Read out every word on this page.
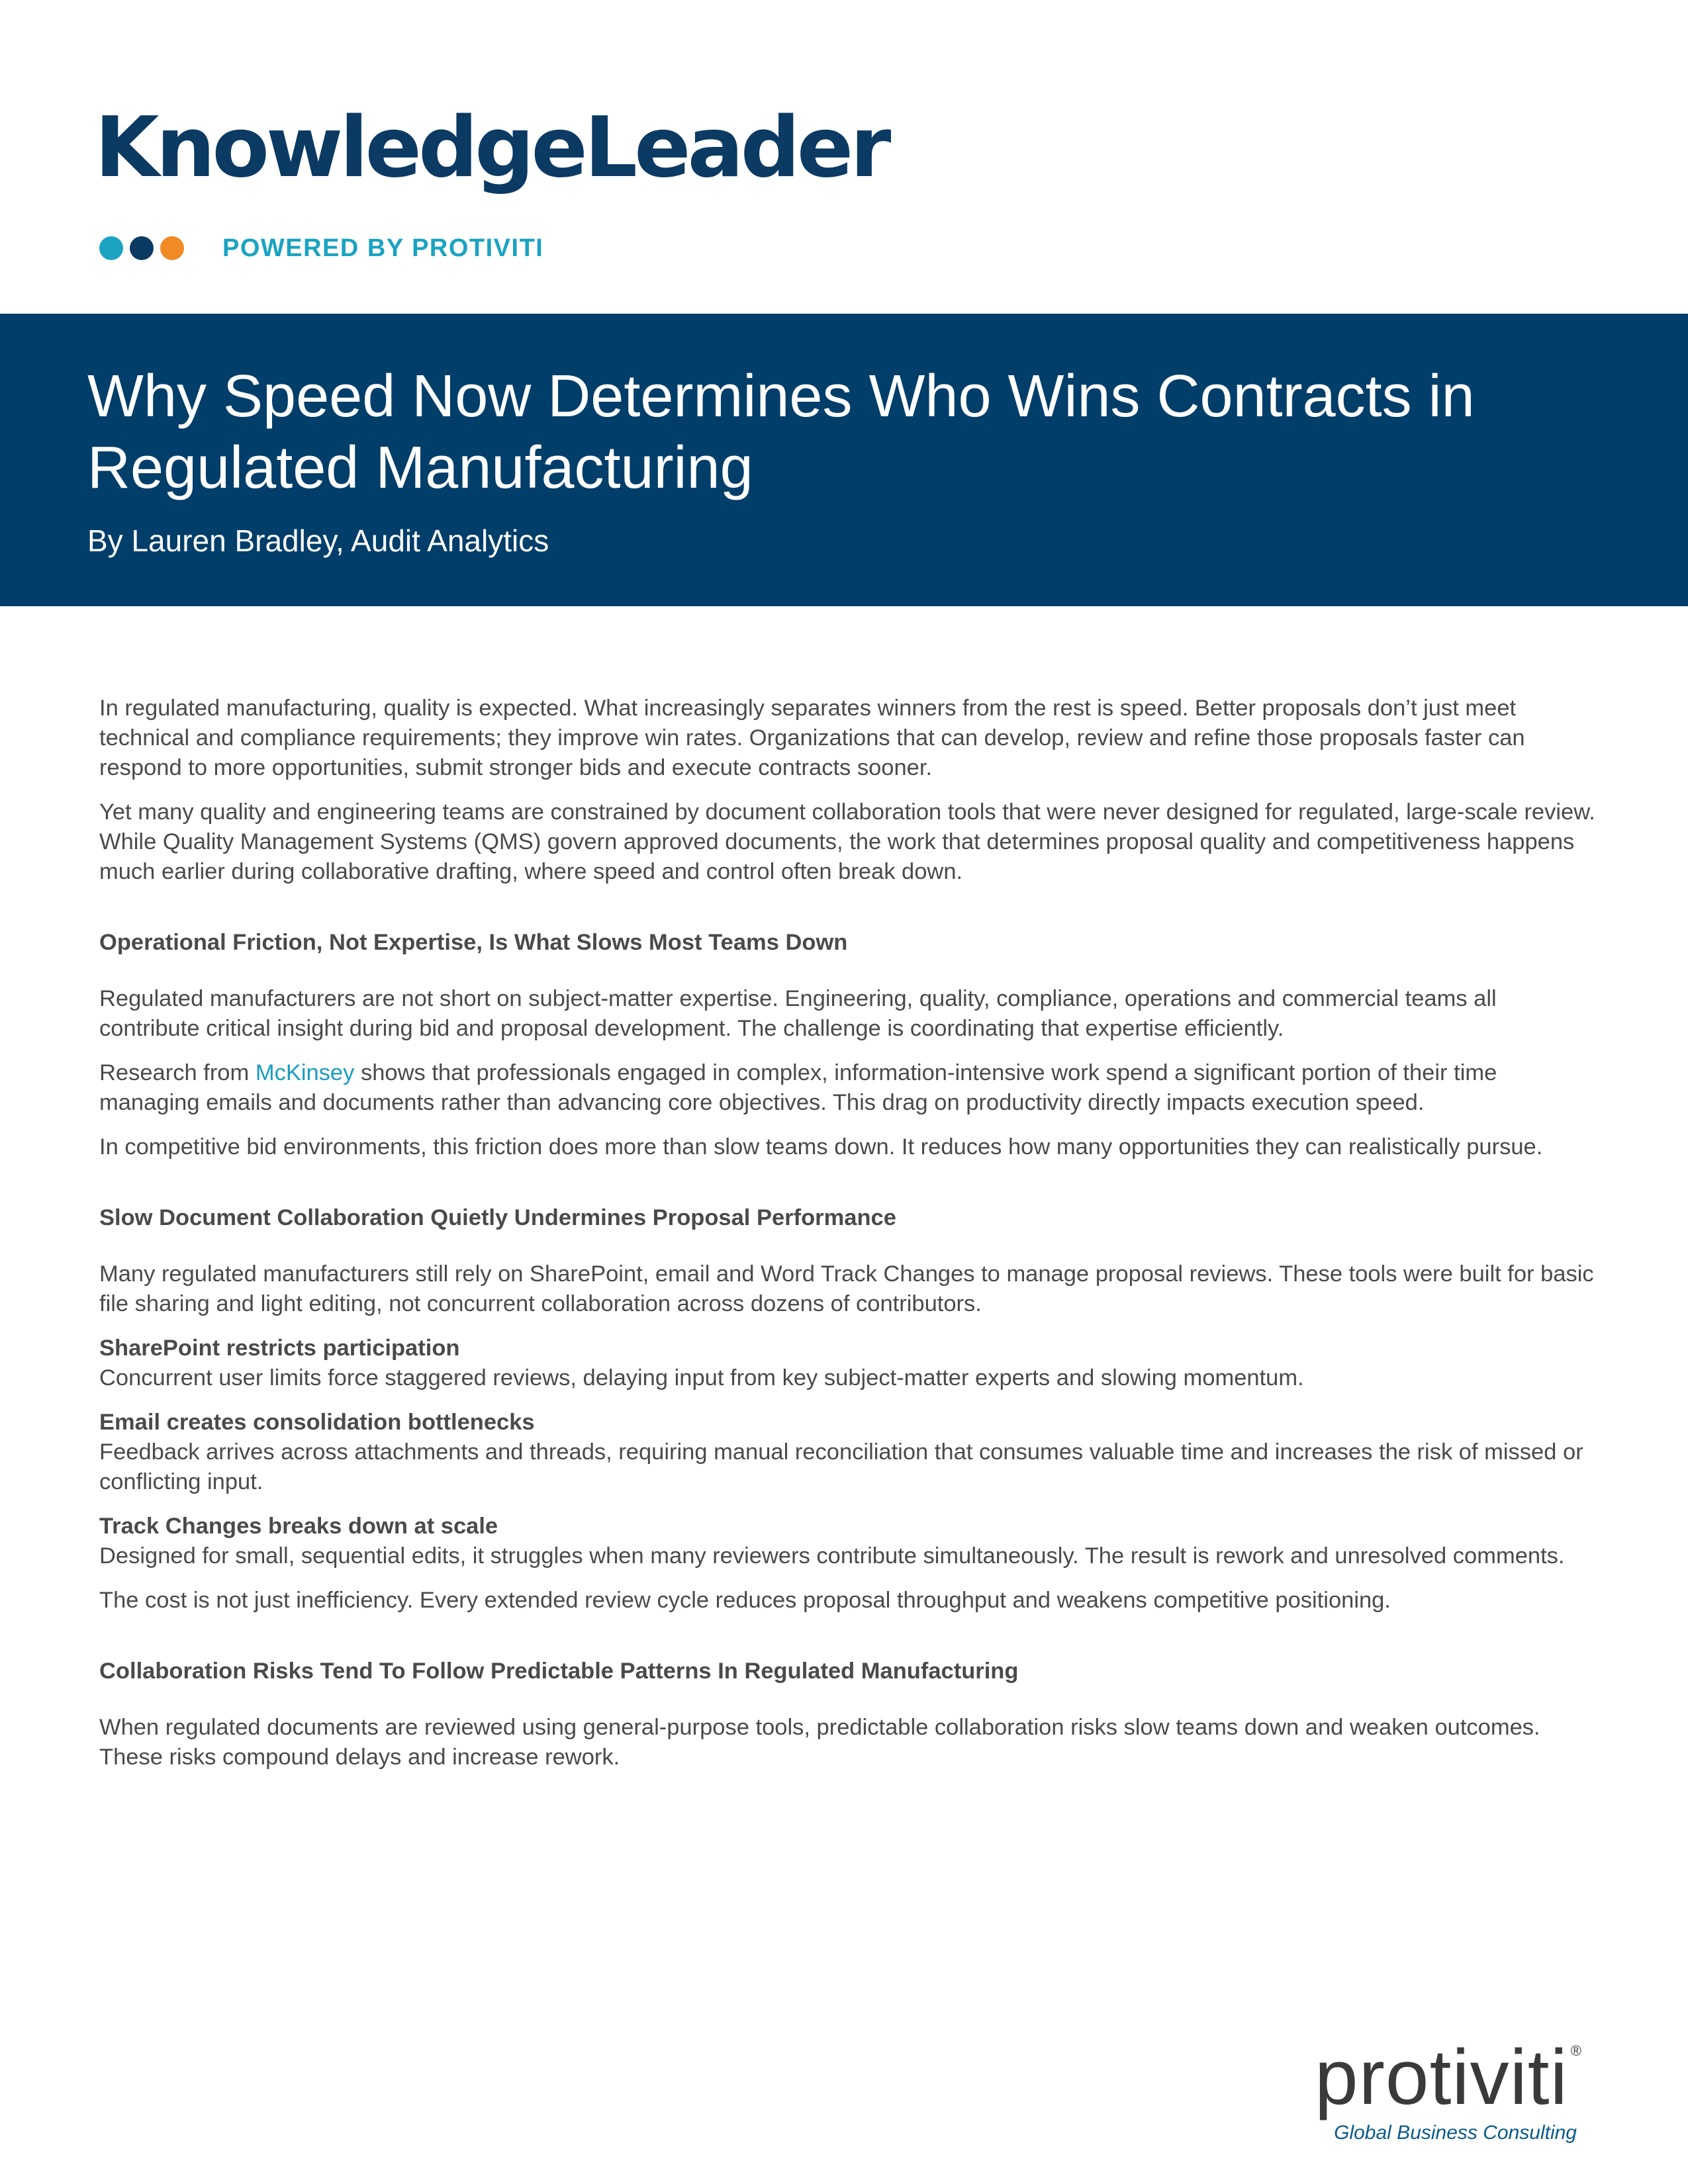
KnowledgeLeader
POWERED BY PROTIVITI
Why Speed Now Determines Who Wins Contracts in Regulated Manufacturing
By Lauren Bradley, Audit Analytics

In regulated manufacturing, quality is expected. What increasingly separates winners from the rest is speed. Better proposals don’t just meet technical and compliance requirements; they improve win rates. Organizations that can develop, review and refine those proposals faster can respond to more opportunities, submit stronger bids and execute contracts sooner.

Yet many quality and engineering teams are constrained by document collaboration tools that were never designed for regulated, large-scale review. While Quality Management Systems (QMS) govern approved documents, the work that determines proposal quality and competitiveness happens much earlier during collaborative drafting, where speed and control often break down.

Operational Friction, Not Expertise, Is What Slows Most Teams Down

Regulated manufacturers are not short on subject-matter expertise. Engineering, quality, compliance, operations and commercial teams all contribute critical insight during bid and proposal development. The challenge is coordinating that expertise efficiently.

Research from McKinsey shows that professionals engaged in complex, information-intensive work spend a significant portion of their time managing emails and documents rather than advancing core objectives. This drag on productivity directly impacts execution speed.

In competitive bid environments, this friction does more than slow teams down. It reduces how many opportunities they can realistically pursue.

Slow Document Collaboration Quietly Undermines Proposal Performance

Many regulated manufacturers still rely on SharePoint, email and Word Track Changes to manage proposal reviews. These tools were built for basic file sharing and light editing, not concurrent collaboration across dozens of contributors.

SharePoint restricts participation
Concurrent user limits force staggered reviews, delaying input from key subject-matter experts and slowing momentum.
Email creates consolidation bottlenecks
Feedback arrives across attachments and threads, requiring manual reconciliation that consumes valuable time and increases the risk of missed or conflicting input.
Track Changes breaks down at scale
Designed for small, sequential edits, it struggles when many reviewers contribute simultaneously. The result is rework and unresolved comments.

The cost is not just inefficiency. Every extended review cycle reduces proposal throughput and weakens competitive positioning.

Collaboration Risks Tend To Follow Predictable Patterns In Regulated Manufacturing

When regulated documents are reviewed using general-purpose tools, predictable collaboration risks slow teams down and weaken outcomes. These risks compound delays and increase rework.

protiviti ®
Global Business Consulting
